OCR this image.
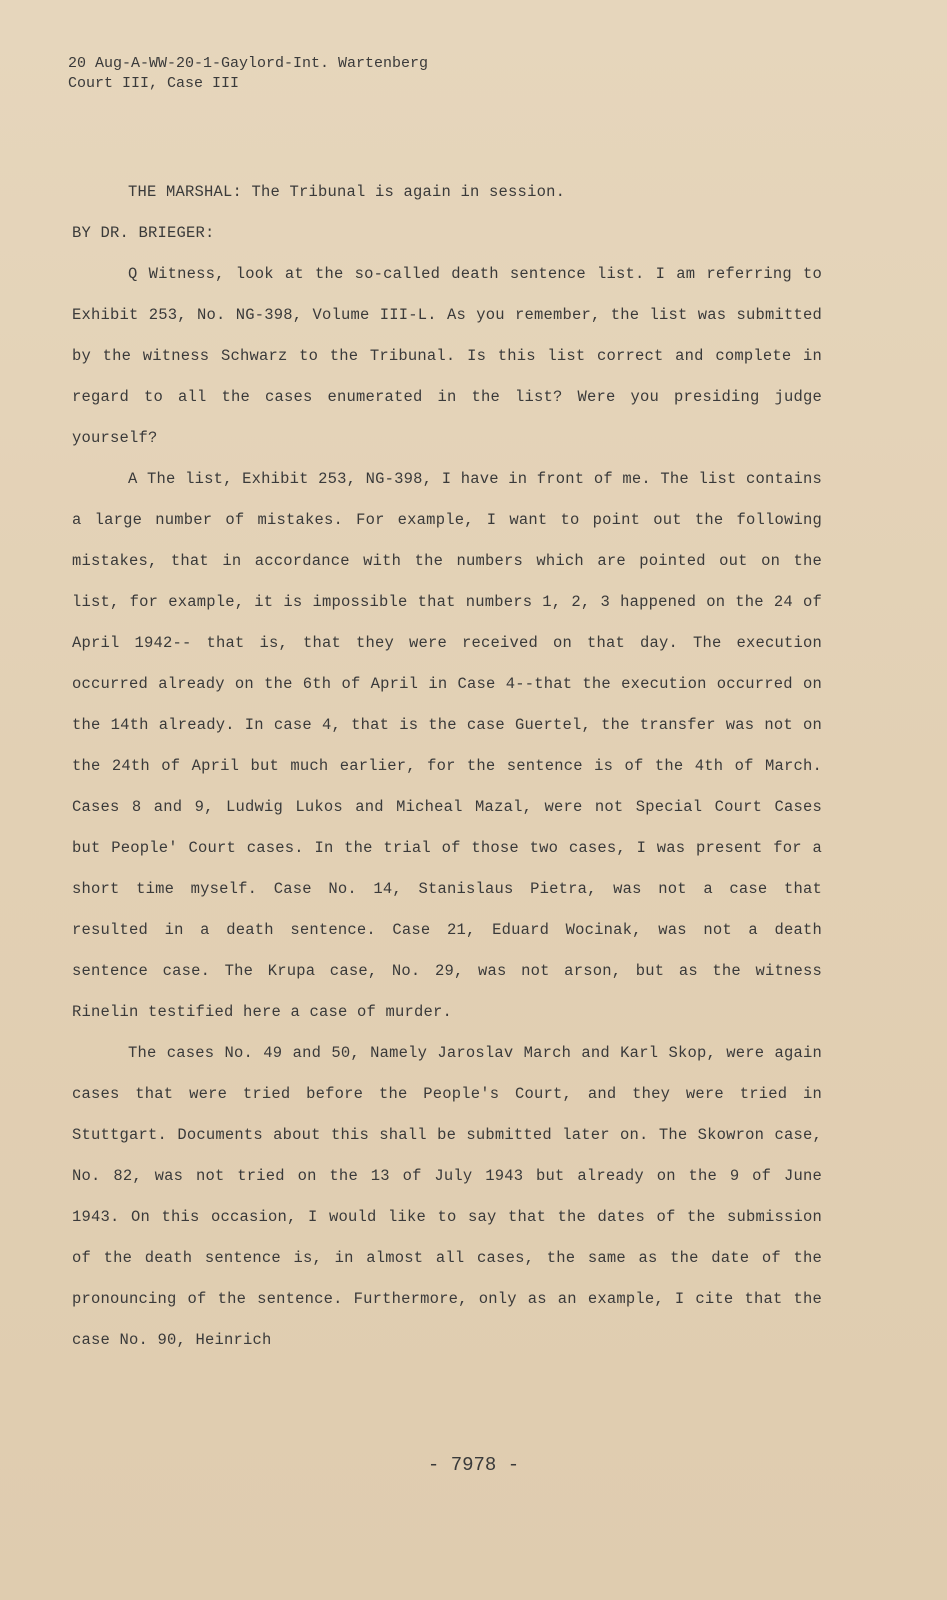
20 Aug-A-WW-20-1-Gaylord-Int. Wartenberg
Court III, Case III

THE MARSHAL: The Tribunal is again in session.

BY DR. BRIEGER:

Q Witness, look at the so-called death sentence list. I am referring to Exhibit 253, No. NG-398, Volume III-L. As you remember, the list was submitted by the witness Schwarz to the Tribunal. Is this list correct and complete in regard to all the cases enumerated in the list? Were you presiding judge yourself?

A The list, Exhibit 253, NG-398, I have in front of me. The list contains a large number of mistakes. For example, I want to point out the following mistakes, that in accordance with the numbers which are pointed out on the list, for example, it is impossible that numbers 1, 2, 3 happened on the 24 of April 1942-- that is, that they were received on that day. The execution occurred already on the 6th of April in Case 4--that the execution occurred on the 14th already. In case 4, that is the case Guertel, the transfer was not on the 24th of April but much earlier, for the sentence is of the 4th of March. Cases 8 and 9, Ludwig Lukos and Micheal Mazal, were not Special Court Cases but People' Court cases. In the trial of those two cases, I was present for a short time myself. Case No. 14, Stanislaus Pietra, was not a case that resulted in a death sentence. Case 21, Eduard Wocinak, was not a death sentence case. The Krupa case, No. 29, was not arson, but as the witness Rinelin testified here a case of murder.

The cases No. 49 and 50, Namely Jaroslav March and Karl Skop, were again cases that were tried before the People's Court, and they were tried in Stuttgart. Documents about this shall be submitted later on. The Skowron case, No. 82, was not tried on the 13 of July 1943 but already on the 9 of June 1943. On this occasion, I would like to say that the dates of the submission of the death sentence is, in almost all cases, the same as the date of the pronouncing of the sentence. Furthermore, only as an example, I cite that the case No. 90, Heinrich

- 7978 -
